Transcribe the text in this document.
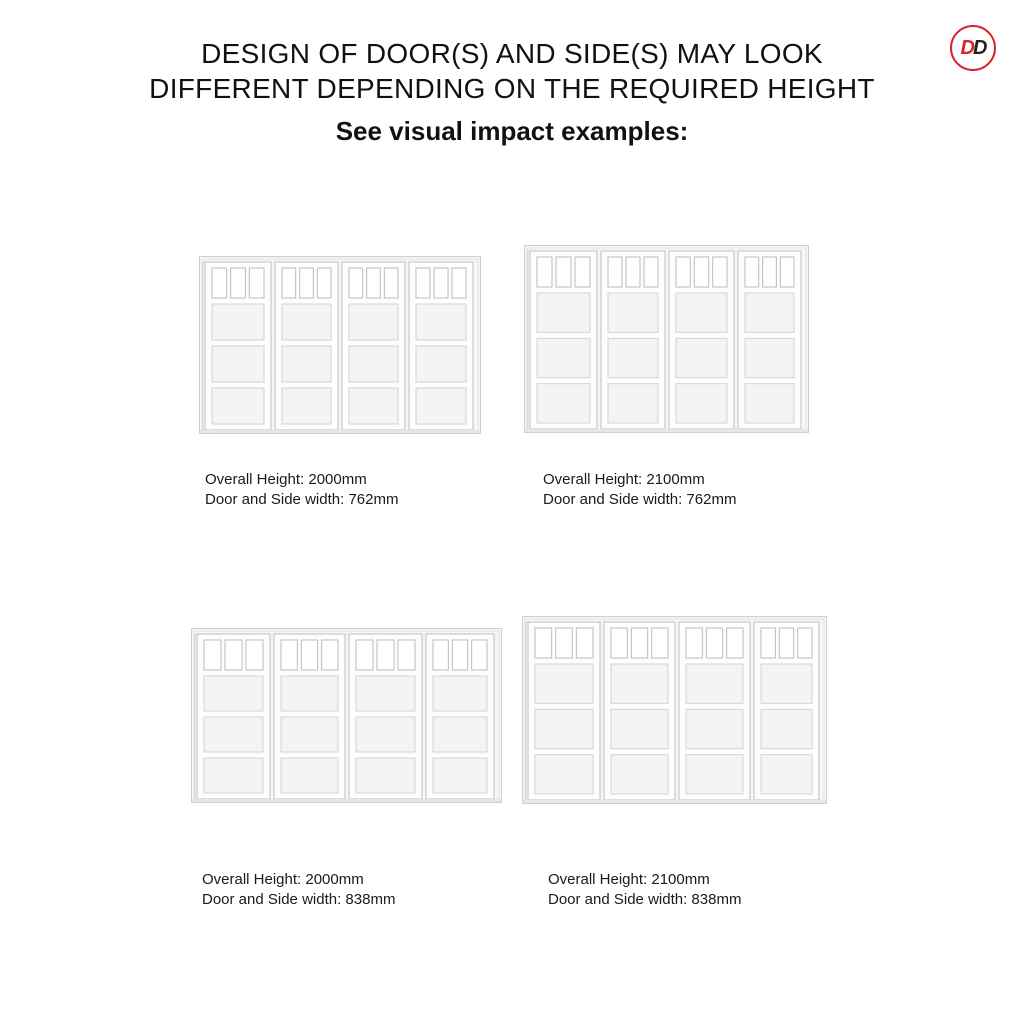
DESIGN OF DOOR(S) AND SIDE(S) MAY LOOK
DIFFERENT DEPENDING ON THE REQUIRED HEIGHT
See visual impact examples:
D D
Overall Height: 2000mm
Door and Side width: 762mm
Overall Height: 2100mm
Door and Side width: 762mm
Overall Height: 2000mm
Door and Side width: 838mm
Overall Height: 2100mm
Door and Side width: 838mm
